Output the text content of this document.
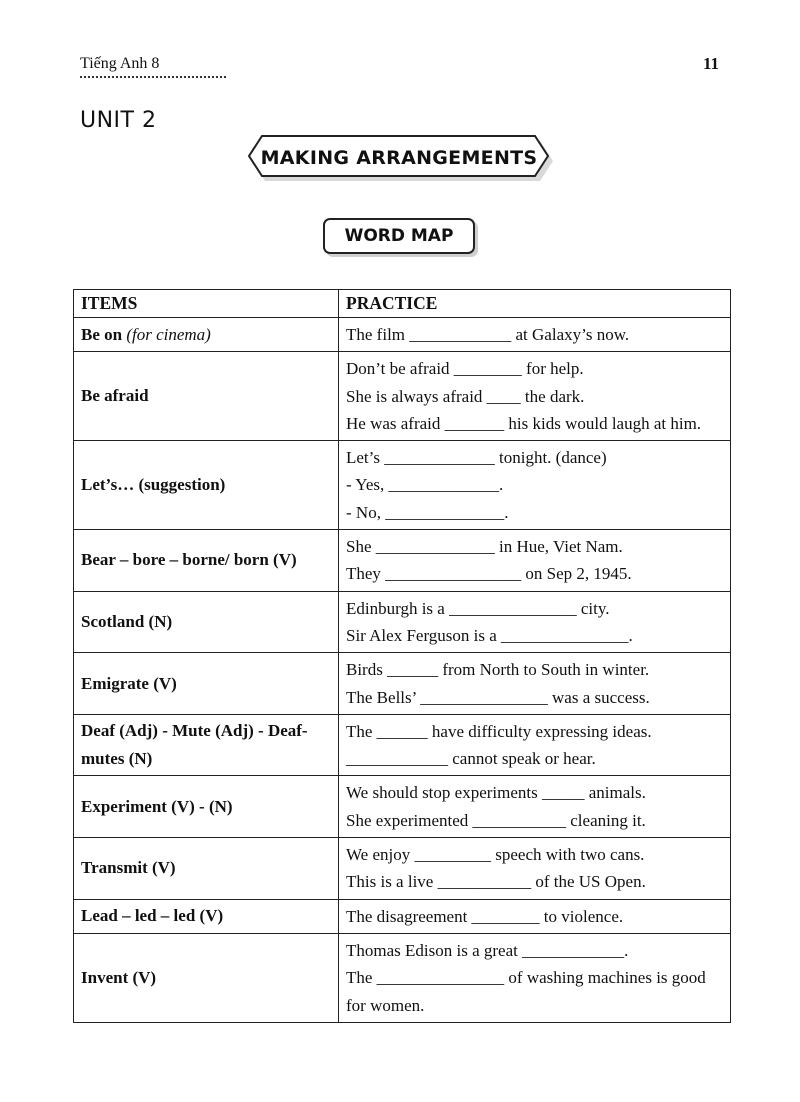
Tiếng Anh 8	11
UNIT 2
MAKING ARRANGEMENTS
WORD MAP
ITEMS	PRACTICE
Be on (for cinema)	The film ____________ at Galaxy’s now.

Be afraid	Don’t be afraid ________ for help.
She is always afraid ____ the dark.
He was afraid _______ his kids would laugh at him.

Let’s… (suggestion)	Let’s _____________ tonight. (dance)
- Yes, _____________.
- No, ______________.

Bear – bore – borne/ born (V)	She ______________ in Hue, Viet Nam.
They ________________ on Sep 2, 1945.

Scotland (N)	Edinburgh is a _______________ city.
Sir Alex Ferguson is a _______________.

Emigrate (V)	Birds ______ from North to South in winter.
The Bells’ _______________ was a success.

Deaf (Adj) - Mute (Adj) - Deaf-mutes (N)	The ______ have difficulty expressing ideas.
____________ cannot speak or hear.

Experiment (V) - (N)	We should stop experiments _____ animals.
She experimented ___________ cleaning it.

Transmit (V)	We enjoy _________ speech with two cans.
This is a live ___________ of the US Open.

Lead – led – led (V)	The disagreement ________ to violence.

Invent (V)	Thomas Edison is a great ____________.
The _______________ of washing machines is good for women.
